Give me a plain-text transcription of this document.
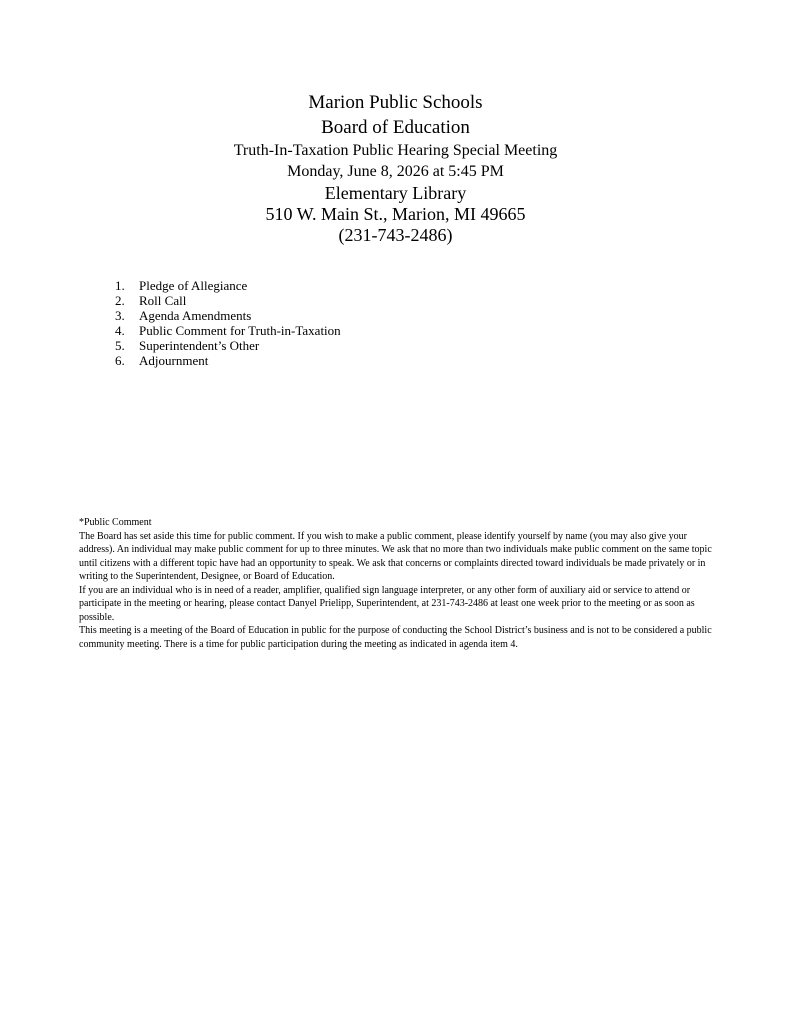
Marion Public Schools
Board of Education
Truth-In-Taxation Public Hearing Special Meeting
Monday, June 8, 2026 at 5:45 PM
Elementary Library
510 W. Main St., Marion, MI 49665
(231-743-2486)
1. Pledge of Allegiance
2. Roll Call
3. Agenda Amendments
4. Public Comment for Truth-in-Taxation
5. Superintendent’s Other
6. Adjournment

*Public Comment

The Board has set aside this time for public comment. If you wish to make a public comment, please identify yourself by name (you may also give your address). An individual may make public comment for up to three minutes. We ask that no more than two individuals make public comment on the same topic until citizens with a different topic have had an opportunity to speak. We ask that concerns or complaints directed toward individuals be made privately or in writing to the Superintendent, Designee, or Board of Education.

If you are an individual who is in need of a reader, amplifier, qualified sign language interpreter, or any other form of auxiliary aid or service to attend or participate in the meeting or hearing, please contact Danyel Prielipp, Superintendent, at 231-743-2486 at least one week prior to the meeting or as soon as possible.

This meeting is a meeting of the Board of Education in public for the purpose of conducting the School District’s business and is not to be considered a public community meeting. There is a time for public participation during the meeting as indicated in agenda item 4.
